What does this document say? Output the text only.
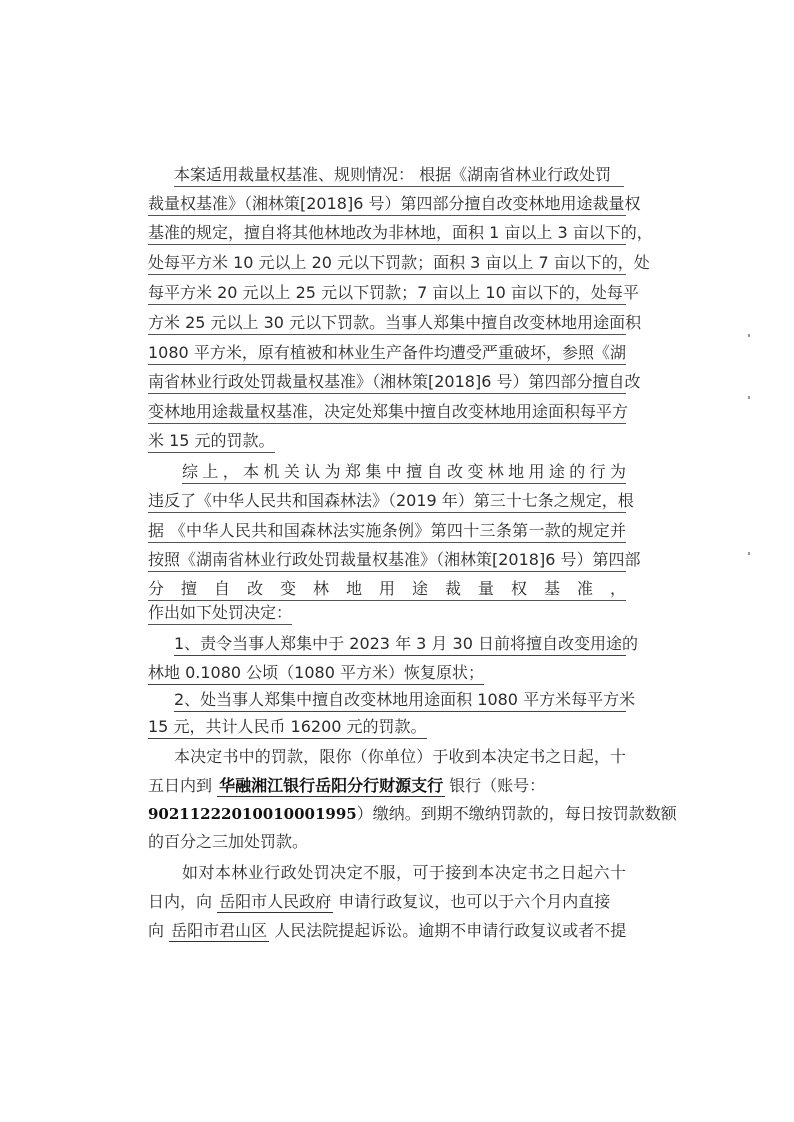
本案适用裁量权基准、规则情况： 根据《湖南省林业行政处罚
裁量权基准》（湘林策[2018]6 号）第四部分擅自改变林地用途裁量权
基准的规定，擅自将其他林地改为非林地，面积 1 亩以上 3 亩以下的，
处每平方米 10 元以上 20 元以下罚款；面积 3 亩以上 7 亩以下的，处
每平方米 20 元以上 25 元以下罚款；7 亩以上 10 亩以下的，处每平
方米 25 元以上 30 元以下罚款。当事人郑集中擅自改变林地用途面积
1080 平方米，原有植被和林业生产备件均遭受严重破坏，参照《湖
南省林业行政处罚裁量权基准》（湘林策[2018]6 号）第四部分擅自改
变林地用途裁量权基准，决定处郑集中擅自改变林地用途面积每平方
米 15 元的罚款。
综上，本机关认为郑集中擅自改变林地用途的行为
违反了《中华人民共和国森林法》（2019 年）第三十七条之规定，根
据 《中华人民共和国森林法实施条例》第四十三条第一款的规定并
按照《湖南省林业行政处罚裁量权基准》（湘林策[2018]6 号）第四部
分擅自改变林地用途裁量权基准，
作出如下处罚决定：
1、责令当事人郑集中于 2023 年 3 月 30 日前将擅自改变用途的
林地 0.1080 公顷（1080 平方米）恢复原状；
2、处当事人郑集中擅自改变林地用途面积 1080 平方米每平方米
15 元，共计人民币 16200 元的罚款。
本决定书中的罚款，限你（你单位）于收到本决定书之日起，十
五日内到 华融湘江银行岳阳分行财源支行 银行（账号：
90211222010010001995）缴纳。到期不缴纳罚款的，每日按罚款数额
的百分之三加处罚款。
如对本林业行政处罚决定不服，可于接到本决定书之日起六十
日内，向 岳阳市人民政府 申请行政复议，也可以于六个月内直接
向 岳阳市君山区 人民法院提起诉讼。逾期不申请行政复议或者不提
